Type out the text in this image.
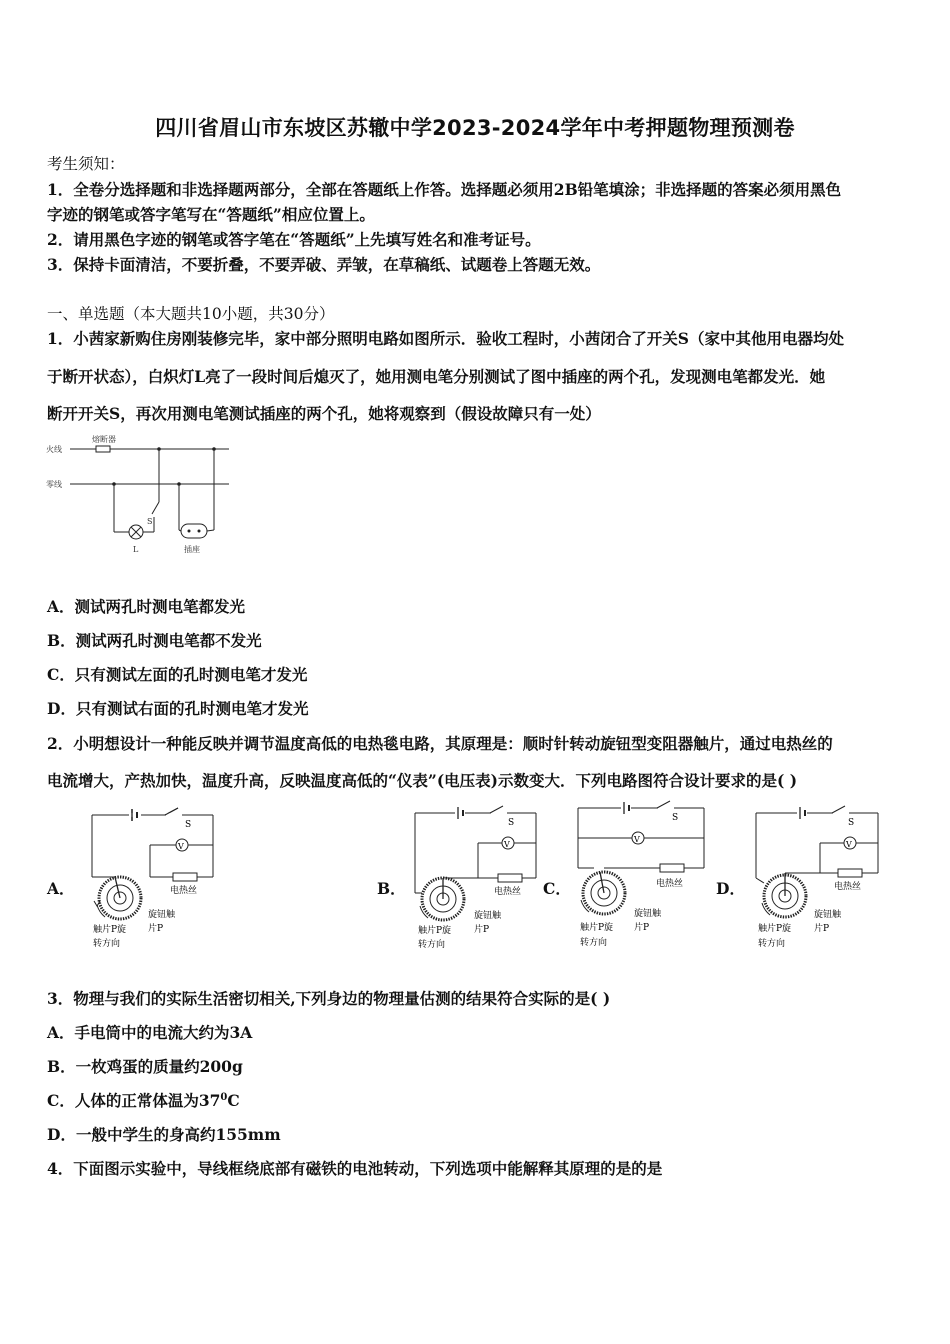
四川省眉山市东坡区苏辙中学2023-2024学年中考押题物理预测卷
考生须知：
1．全卷分选择题和非选择题两部分，全部在答题纸上作答。选择题必须用2B铅笔填涂；非选择题的答案必须用黑色
字迹的钢笔或答字笔写在“答题纸”相应位置上。
2．请用黑色字迹的钢笔或答字笔在“答题纸”上先填写姓名和准考证号。
3．保持卡面清洁，不要折叠，不要弄破、弄皱，在草稿纸、试题卷上答题无效。
一、单选题（本大题共10小题，共30分）
1．小茜家新购住房刚装修完毕，家中部分照明电路如图所示．验收工程时，小茜闭合了开关S（家中其他用电器均处
于断开状态），白炽灯L亮了一段时间后熄灭了，她用测电笔分别测试了图中插座的两个孔，发现测电笔都发光．她
断开开关S，再次用测电笔测试插座的两个孔，她将观察到（假设故障只有一处）
熔断器
火线
零线
S
L	插座
A．测试两孔时测电笔都发光
B．测试两孔时测电笔都不发光
C．只有测试左面的孔时测电笔才发光
D．只有测试右面的孔时测电笔才发光
2．小明想设计一种能反映并调节温度高低的电热毯电路，其原理是：顺时针转动旋钮型变阻器触片，通过电热丝的
电流增大，产热加快，温度升高，反映温度高低的“仪表”(电压表)示数变大．下列电路图符合设计要求的是( )
A．	B．	C．	D．
S
V
电热丝
旋钮触
片P
触片P旋
转方向
S
V
电热丝
旋钮触
片P
触片P旋
转方向
S
V
电热丝
旋钮触
片P
触片P旋
转方向
S
V
电热丝
旋钮触
片P
触片P旋
转方向
3．物理与我们的实际生活密切相关,下列身边的物理量估测的结果符合实际的是( )
A．手电筒中的电流大约为3A
B．一枚鸡蛋的质量约200g
C．人体的正常体温为$37^0C$
D．一般中学生的身高约155mm
4．下面图示实验中，导线框绕底部有磁铁的电池转动，下列选项中能解释其原理的是的是
